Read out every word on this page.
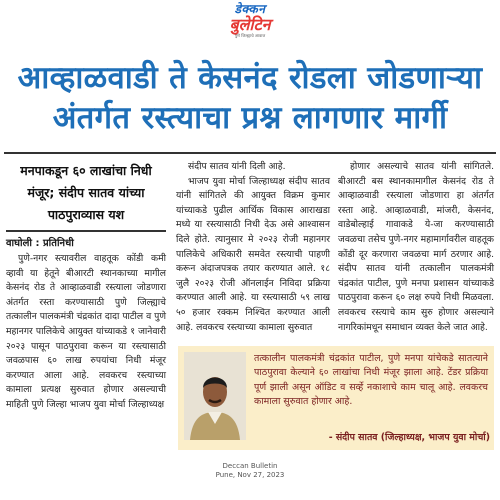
डेक्कन
बुलेटिन
पुणे जिल्ह्याचे आवाज
आव्हाळवाडी ते केसनंद रोडला जोडणाऱ्या
अंतर्गत रस्त्याचा प्रश्न लागणार मार्गी
मनपाकडून ६० लाखांचा निधी मंजूर; संदीप सातव यांच्या पाठपुराव्यास यश
वाघोली : प्रतिनिधी

पुणे-नगर स्त्यावरील वाहतूक कोंडी कमी व्हावी या हेतूने बीआरटी स्थानकाच्या मागील केसनंद रोड ते आव्हाळवाडी रस्त्याला जोडणारा अंतर्गत रस्ता करण्यासाठी पुणे जिल्ह्याचे तत्कालीन पालकमंत्री चंद्रकांत दादा पाटील व पुणे महानगर पालिकेचे आयुक्त यांच्याकडे १ जानेवारी २०२३ पासून पाठपुरावा करून या रस्त्यासाठी जवळपास ६० लाख रुपयांचा निधी मंजूर करण्यात आला आहे. लवकरच रस्त्याच्या कामाला प्रत्यक्ष सुरुवात होणार असल्याची माहिती पुणे जिल्हा भाजप युवा मोर्चा जिल्हाध्यक्ष

संदीप सातव यांनी दिली आहे.

भाजप युवा मोर्चा जिल्हाध्यक्ष संदीप सातव यांनी सांगितले की आयुक्त विक्रम कुमार यांच्याकडे पुढील आर्थिक विकास आराखडा मध्ये या रस्त्यासाठी निधी देऊ असे आश्वासन दिले होते. त्यानुसार मे २०२३ रोजी महानगर पालिकेचे अधिकारी समवेत रस्त्याची पाहणी करून अंदाजपत्रक तयार करण्यात आले. १८ जुलै २०२३ रोजी ऑनलाईन निविदा प्रक्रिया करण्यात आली आहे. या रस्त्यासाठी ५९ लाख ५० हजार रक्कम निश्चित करण्यात आली आहे. लवकरच रस्त्याच्या कामाला सुरुवात

होणार असल्याचे सातव यांनी सांगितले. बीआरटी बस स्थानकामागील केसनंद रोड ते आव्हाळवाडी रस्त्याला जोडणारा हा अंतर्गत रस्ता आहे. आव्हाळवाडी, मांजरी, केसनंद, वाडेबोल्हाई गावाकडे ये-जा करण्यासाठी जवळचा तसेच पुणे-नगर महामार्गावरील वाहतूक कोंडी दूर करणारा जवळचा मार्ग ठरणार आहे. संदीप सातव यांनी तत्कालीन पालकमंत्री चंद्रकांत पाटील, पुणे मनपा प्रशासन यांच्याकडे पाठपुरावा करून ६० लक्ष रुपये निधी मिळवला. लवकरच रस्त्याचे काम सुरु होणार असल्याने नागरिकांमधून समाधान व्यक्त केले जात आहे.

तत्कालीन पालकमंत्री चंद्रकांत पाटील, पुणे मनपा यांचेकडे सातत्याने पाठपुरावा केल्याने ६० लाखांचा निधी मंजूर झाला आहे. टेंडर प्रक्रिया पूर्ण झाली असून ऑडिट व सर्व्हे नकाशाचे काम चालू आहे. लवकरच कामाला सुरुवात होणार आहे.
- संदीप सातव (जिल्हाध्यक्ष, भाजप युवा मोर्चा)
Deccan Bulletin
Pune, Nov 27, 2023
